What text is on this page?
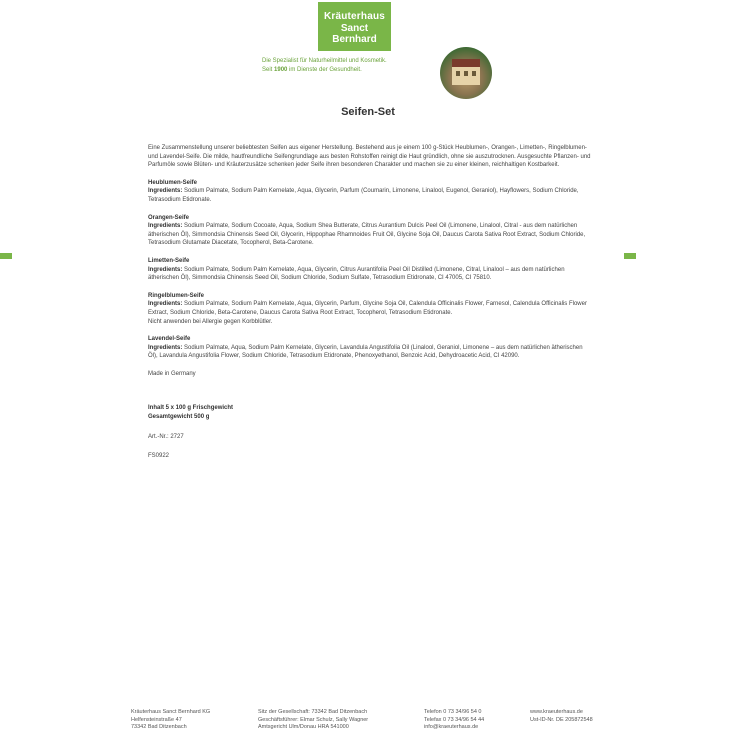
Kräuterhaus
Sanct Bernhard
Die Spezialist für Naturheilmittel und Kosmetik.
Seit 1900 im Dienste der Gesundheit.
Seifen-Set

Eine Zusammenstellung unserer beliebtesten Seifen aus eigener Herstellung. Bestehend aus je einem 100 g-Stück Heublumen-, Orangen-, Limetten-, Ringelblumen- und Lavendel-Seife. Die milde, hautfreundliche Seifengrundlage aus besten Rohstoffen reinigt die Haut gründlich, ohne sie auszutrocknen. Ausgesuchte Pflanzen- und Parfumöle sowie Blüten- und Kräuterzusätze schenken jeder Seife ihren besonderen Charakter und machen sie zu einer kleinen, reichhaltigen Kostbarkeit.

Heublumen-Seife

Ingredients: Sodium Palmate, Sodium Palm Kernelate, Aqua, Glycerin, Parfum (Coumarin, Limonene, Linalool, Eugenol, Geraniol), Hayflowers, Sodium Chloride, Tetrasodium Etidronate.

Orangen-Seife

Ingredients: Sodium Palmate, Sodium Cocoate, Aqua, Sodium Shea Butterate, Citrus Aurantium Dulcis Peel Oil (Limonene, Linalool, Citral - aus dem natürlichen ätherischen Öl), Simmondsia Chinensis Seed Oil, Glycerin, Hippophae Rhamnoides Fruit Oil, Glycine Soja Oil, Daucus Carota Sativa Root Extract, Sodium Chloride, Tetrasodium Glutamate Diacetate, Tocopherol, Beta-Carotene.

Limetten-Seife

Ingredients: Sodium Palmate, Sodium Palm Kernelate, Aqua, Glycerin, Citrus Aurantifolia Peel Oil Distilled (Limonene, Citral, Linalool – aus dem natürlichen ätherischen Öl), Simmondsia Chinensis Seed Oil, Sodium Chloride, Sodium Sulfate, Tetrasodium Etidronate, CI 47005, CI 75810.

Ringelblumen-Seife

Ingredients: Sodium Palmate, Sodium Palm Kernelate, Aqua, Glycerin, Parfum, Glycine Soja Oil, Calendula Officinalis Flower, Farnesol, Calendula Officinalis Flower Extract, Sodium Chloride, Beta-Carotene, Daucus Carota Sativa Root Extract, Tocopherol, Tetrasodium Etidronate.

Nicht anwenden bei Allergie gegen Korbblütler.

Lavendel-Seife

Ingredients: Sodium Palmate, Aqua, Sodium Palm Kernelate, Glycerin, Lavandula Angustifolia Oil (Linalool, Geraniol, Limonene – aus dem natürlichen ätherischen Öl), Lavandula Angustifolia Flower, Sodium Chloride, Tetrasodium Etidronate, Phenoxyethanol, Benzoic Acid, Dehydroacetic Acid, CI 42090.

Made in Germany

Inhalt 5 x 100 g Frischgewicht

Gesamtgewicht 500 g

Art.-Nr.: 2727

FS0922

Kräuterhaus Sanct Bernhard KG
Helfensteinstraße 47
73342 Bad Ditzenbach
Sitz der Gesellschaft: 73342 Bad Ditzenbach
Geschäftsführer: Elmar Schulz, Sally Wagner
Amtsgericht Ulm/Donau HRA 541000
Telefon 0 73 34/96 54 0
Telefax 0 73 34/96 54 44
info@kraeuterhaus.de
www.kraeuterhaus.de
Ust-ID-Nr. DE 205872548
